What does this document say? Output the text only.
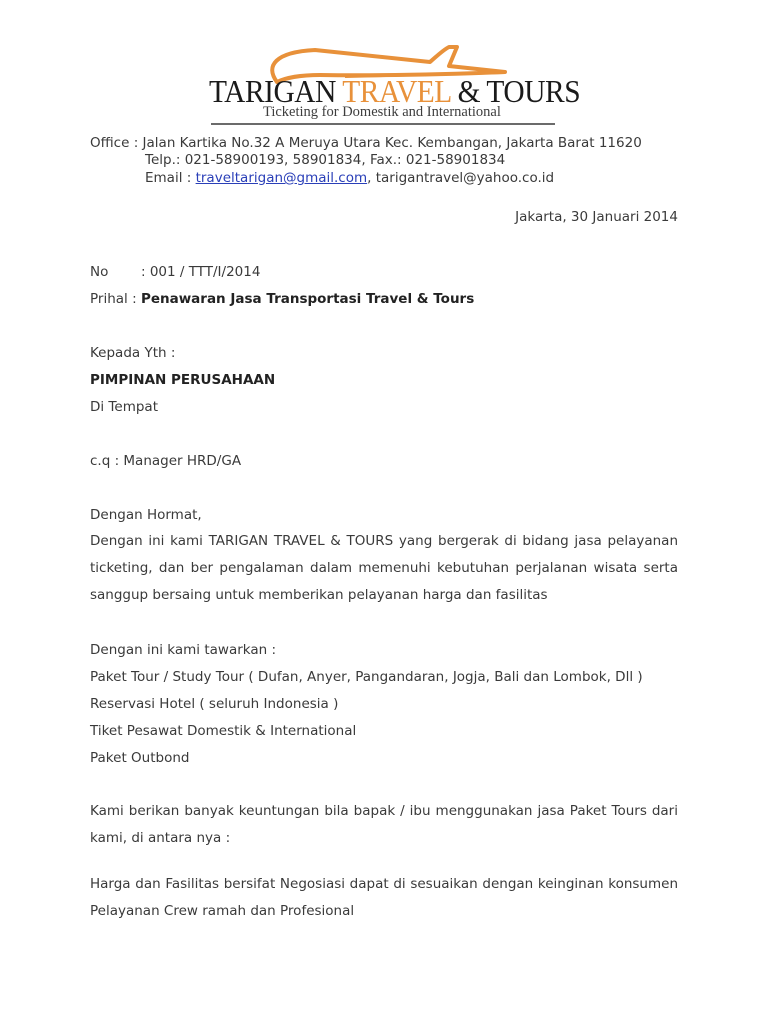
TARIGAN TRAVEL & TOURS
Ticketing for Domestik and International
Office : Jalan Kartika No.32 A Meruya Utara Kec. Kembangan, Jakarta Barat 11620
Telp.: 021-58900193, 58901834, Fax.: 021-58901834
Email : traveltarigan@gmail.com, tarigantravel@yahoo.co.id
Jakarta, 30 Januari 2014
No : 001 / TTT/I/2014
Prihal : Penawaran Jasa Transportasi Travel & Tours
Kepada Yth :
PIMPINAN PERUSAHAAN
Di Tempat
c.q : Manager HRD/GA
Dengan Hormat,
Dengan ini kami TARIGAN TRAVEL & TOURS yang bergerak di bidang jasa pelayanan
ticketing, dan ber pengalaman dalam memenuhi kebutuhan perjalanan wisata serta
sanggup bersaing untuk memberikan pelayanan harga dan fasilitas
Dengan ini kami tawarkan :
Paket Tour / Study Tour ( Dufan, Anyer, Pangandaran, Jogja, Bali dan Lombok, Dll )
Reservasi Hotel ( seluruh Indonesia )
Tiket Pesawat Domestik & International
Paket Outbond
Kami berikan banyak keuntungan bila bapak / ibu menggunakan jasa Paket Tours dari
kami, di antara nya :
Harga dan Fasilitas bersifat Negosiasi dapat di sesuaikan dengan keinginan konsumen
Pelayanan Crew ramah dan Profesional
